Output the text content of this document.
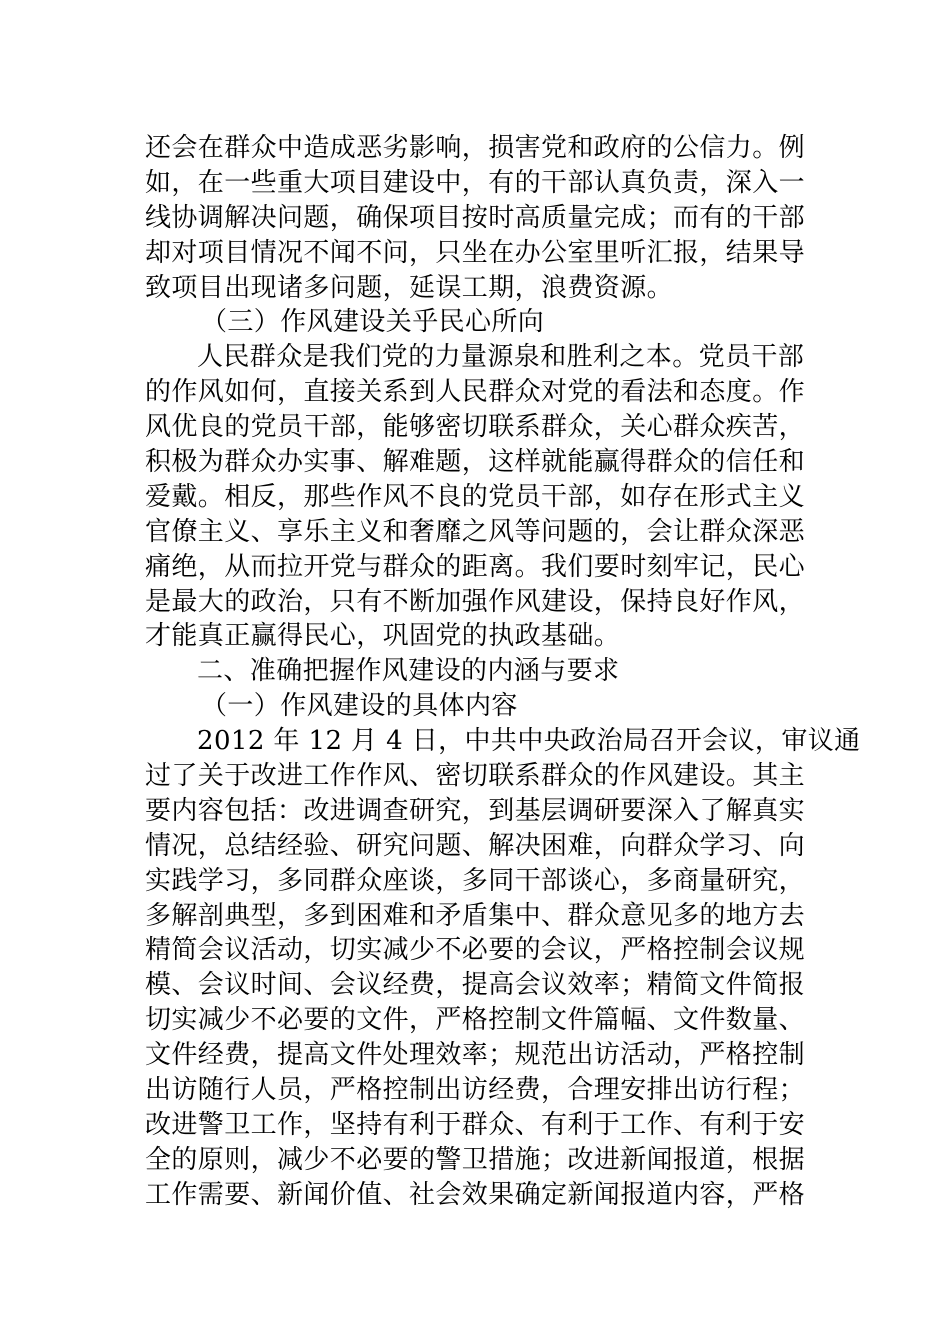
还会在群众中造成恶劣影响，损害党和政府的公信力。例
如，在一些重大项目建设中，有的干部认真负责，深入一
线协调解决问题，确保项目按时高质量完成；而有的干部
却对项目情况不闻不问，只坐在办公室里听汇报，结果导
致项目出现诸多问题，延误工期，浪费资源。
（三）作风建设关乎民心所向
人民群众是我们党的力量源泉和胜利之本。党员干部
的作风如何，直接关系到人民群众对党的看法和态度。作
风优良的党员干部，能够密切联系群众，关心群众疾苦，
积极为群众办实事、解难题，这样就能赢得群众的信任和
爱戴。相反，那些作风不良的党员干部，如存在形式主义
官僚主义、享乐主义和奢靡之风等问题的，会让群众深恶
痛绝，从而拉开党与群众的距离。我们要时刻牢记，民心
是最大的政治，只有不断加强作风建设，保持良好作风，
才能真正赢得民心，巩固党的执政基础。
二、准确把握作风建设的内涵与要求
（一）作风建设的具体内容
2012 年 12 月 4 日，中共中央政治局召开会议，审议通
过了关于改进工作作风、密切联系群众的作风建设。其主
要内容包括：改进调查研究，到基层调研要深入了解真实
情况，总结经验、研究问题、解决困难，向群众学习、向
实践学习，多同群众座谈，多同干部谈心，多商量研究，
多解剖典型，多到困难和矛盾集中、群众意见多的地方去
精简会议活动，切实减少不必要的会议，严格控制会议规
模、会议时间、会议经费，提高会议效率；精简文件简报
切实减少不必要的文件，严格控制文件篇幅、文件数量、
文件经费，提高文件处理效率；规范出访活动，严格控制
出访随行人员，严格控制出访经费，合理安排出访行程；
改进警卫工作，坚持有利于群众、有利于工作、有利于安
全的原则，减少不必要的警卫措施；改进新闻报道，根据
工作需要、新闻价值、社会效果确定新闻报道内容，严格
